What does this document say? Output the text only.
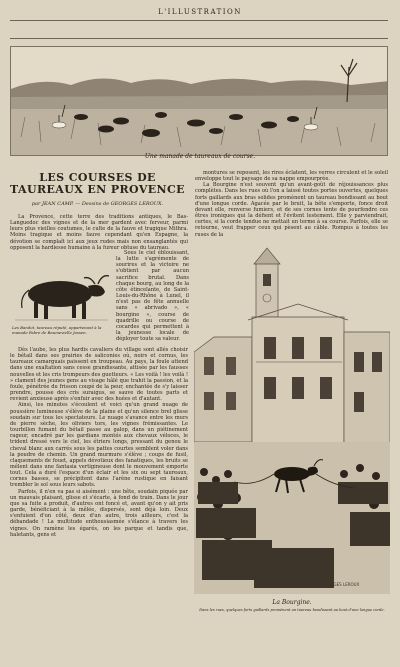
L'ILLUSTRATION
Une manade de taureaux de course.
LES COURSES DE TAUREAUX EN PROVENCE
par JEAN CAMP. — Dessins de GEORGES LEROUX.

La Provence, cette terre des traditions antiques, le Bas-Languedoc des vignes et de la mer gardent avec ferveur, parmi leurs plus vieilles coutumes, le culte de la fauve et tragique Mithra. Moins tragique et moins fauve cependant qu'en Espagne, la dévotion se complaît ici aux jeux rudes mais non ensanglantés qui opposent la hardiesse humaine à la fureur obtuse du taureau.

Les Bandot, taureau réputé, appartenant à la manade Fabre de Baumevielle Jassen.

Sous le ciel éblouissant, la lutte s'agrémente de sourires et la victoire ne s'obtient par aucun sacrifice brutal. Dans chaque bourg, au long de la côte étincelante, de Saint-Louis-du-Rhône à Lunel, il n'est pas de fête annuelle sans « abrivado », « bourgine », course de quadrille ou course de cocardes qui permettent à la jeunesse locale de déployer toute sa valeur.

Dès l'aube, les plus hardis cavaliers du village sont allés choisir le bétail dans ses prairies de saliconies où, noirs et cornus, les taureaux camarguais paissent en troupeau. Au pays, la foule attend dans une exaltation sans cesse grandissante, attisée par les fausses nouvelles et les cris trompeurs des guetteurs. « Les voilà ! les voilà ! » clament des jeunes gens au visage hâlé que trahit la passion, et la foule, pénétrée du frisson coupé de la peur, enchantée de s'y laisser prendre, pousse des cris suraigus, se sauve de toutes parts et revient anxieuse après s'enfuir avec des huées et d'autant.

Ainsi, les minutes s'écoulent et voici qu'un grand nuage de poussière lumineuse s'élève de la plaine et qu'un silence brel glisse soudain sur tous les spectateurs. Le nuage s'avance entre les murs de pierre sèche, les oliviers tors, les vignes frémissantes. Le tourbillon fumant du bétail passe au galop, dans un piétinement rageur, encadré par les gardians montés aux chevaux véloces, le trident dressé vers le ciel, les étriers longs, pressant du genou le cheval blanc aux carrés sous les pattes courtes semblent voler dans la poudre de chemin. Un grand murmure s'élève ; coups de fusil, claquements de fouet, appels dévotieux des fanatiques, les bruits se mêlent dans une fantasia vertigineuse dont le mouvement emporte tout. Cela a duré l'espace d'un éclair et les six ou sept taureaux, cornes basses, se précipitent dans l'arène rustique en faisant trembler le sol sous leurs sabots.

Parfois, il n'en va pas si aisément : une bête, soudain piquée par un mauvais plaisant, glisse et s'écarte, à fond de train. Dans le jour que sa fuite a produit, d'autres ont foncé et, avant qu'on y ait pris garde, bénéficiant à la mêlée, dispersés, sont déjà loin. Deux s'enfuient d'un côté, deux d'un autre, trois ailleurs, c'est la débandade ! La multitude enthousiasmée s'élance à travers les vignes. On ramène les égarés, on les parque et tandis que, haletants, gens et

montures se reposent, les rires éclatent, les verres circulent et le soleil enveloppe tout le paysage de sa nappe empourprée.

La Bourgine n'est souvent qu'un avant-goût de réjouissances plus complètes. Dans les rues où l'on a laissé toutes portes ouvertes, quelques forts gaillards aux bras solides promènent un taureau bondissant au bout d'une longue corde. Agacée par le bruit, la bête s'emporte, fonce droit devant elle, renverse fumiers, et de ses cornes tente de pourfendre ces êtres ironiques qui la défient et l'évitent lestement. Elle y parviendrait, certes, si la corde tendue ne mettait un terme à sa course. Parfois, elle se retourne, veut frapper ceux qui pèsent au câble. Rompus à toutes les ruses de la

GEORGES LEROUX
La Bourgine.
Dans les rues, quelques forts gaillards promènent un taureau bondissant au bout d'une longue corde.
